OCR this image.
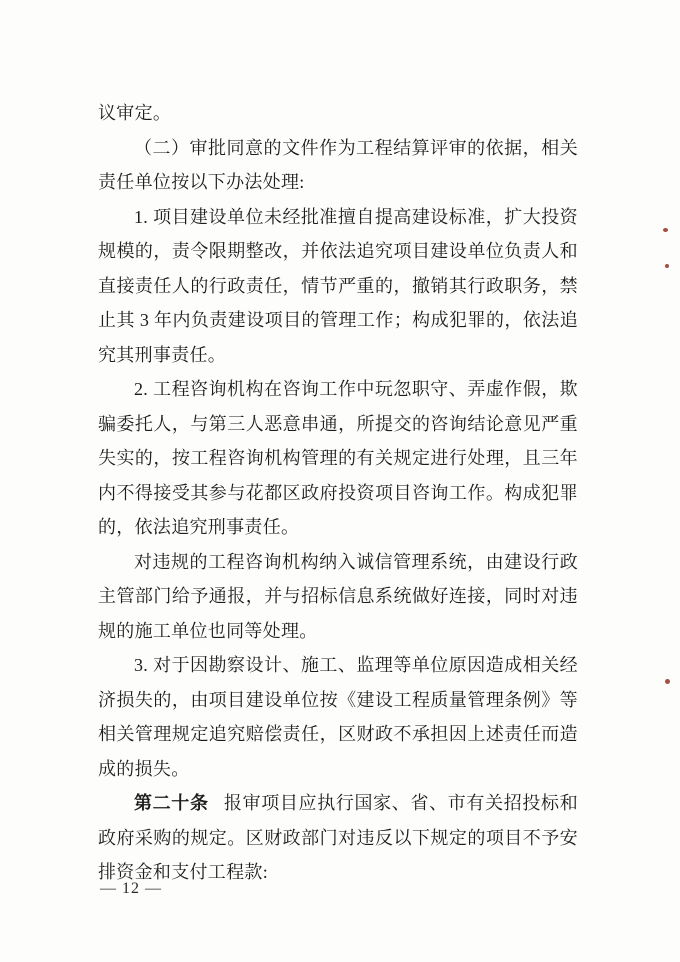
议审定。
（二）审批同意的文件作为工程结算评审的依据，相关
责任单位按以下办法处理:
1. 项目建设单位未经批准擅自提高建设标准，扩大投资
规模的，责令限期整改，并依法追究项目建设单位负责人和
直接责任人的行政责任，情节严重的，撤销其行政职务，禁
止其 3 年内负责建设项目的管理工作；构成犯罪的，依法追
究其刑事责任。
2. 工程咨询机构在咨询工作中玩忽职守、弄虚作假，欺
骗委托人，与第三人恶意串通，所提交的咨询结论意见严重
失实的，按工程咨询机构管理的有关规定进行处理，且三年
内不得接受其参与花都区政府投资项目咨询工作。构成犯罪
的，依法追究刑事责任。
对违规的工程咨询机构纳入诚信管理系统，由建设行政
主管部门给予通报，并与招标信息系统做好连接，同时对违
规的施工单位也同等处理。
3. 对于因勘察设计、施工、监理等单位原因造成相关经
济损失的，由项目建设单位按《建设工程质量管理条例》等
相关管理规定追究赔偿责任，区财政不承担因上述责任而造
成的损失。
第二十条 报审项目应执行国家、省、市有关招投标和
政府采购的规定。区财政部门对违反以下规定的项目不予安
排资金和支付工程款:
— 12 —
